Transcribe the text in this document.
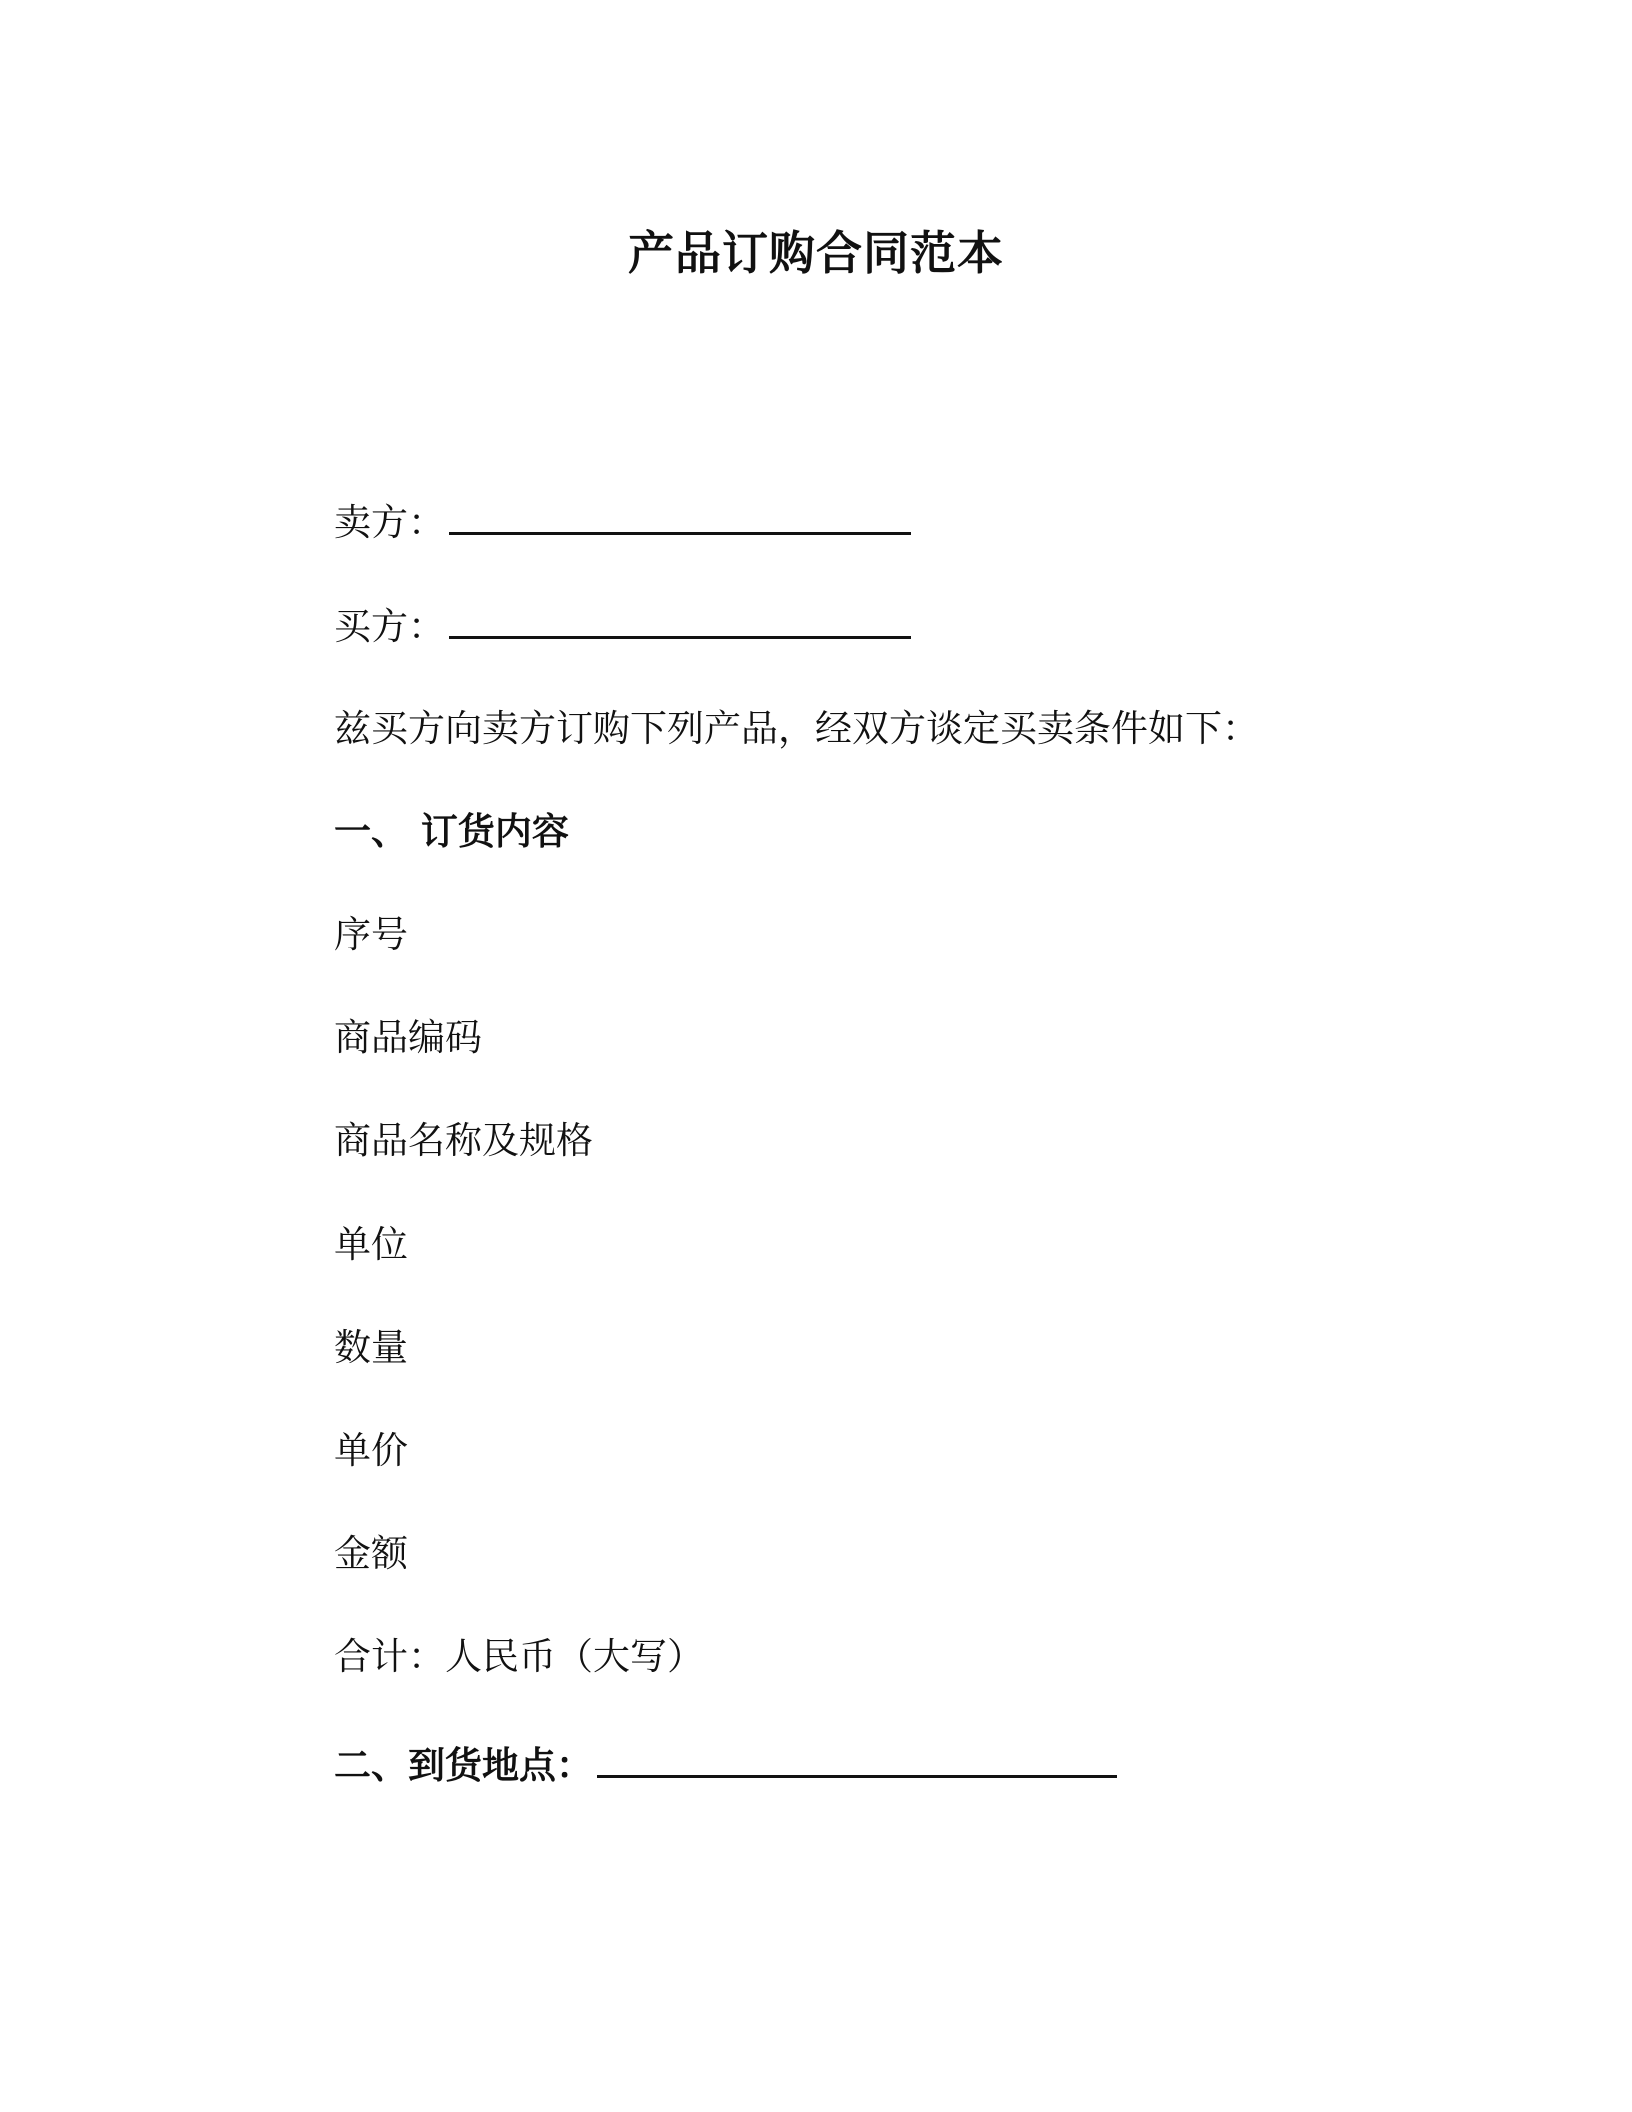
产品订购合同范本
卖方：
买方：
兹买方向卖方订购下列产品，经双方谈定买卖条件如下：
一、 订货内容
序号
商品编码
商品名称及规格
单位
数量
单价
金额
合计：人民币（大写）
二、到货地点：
